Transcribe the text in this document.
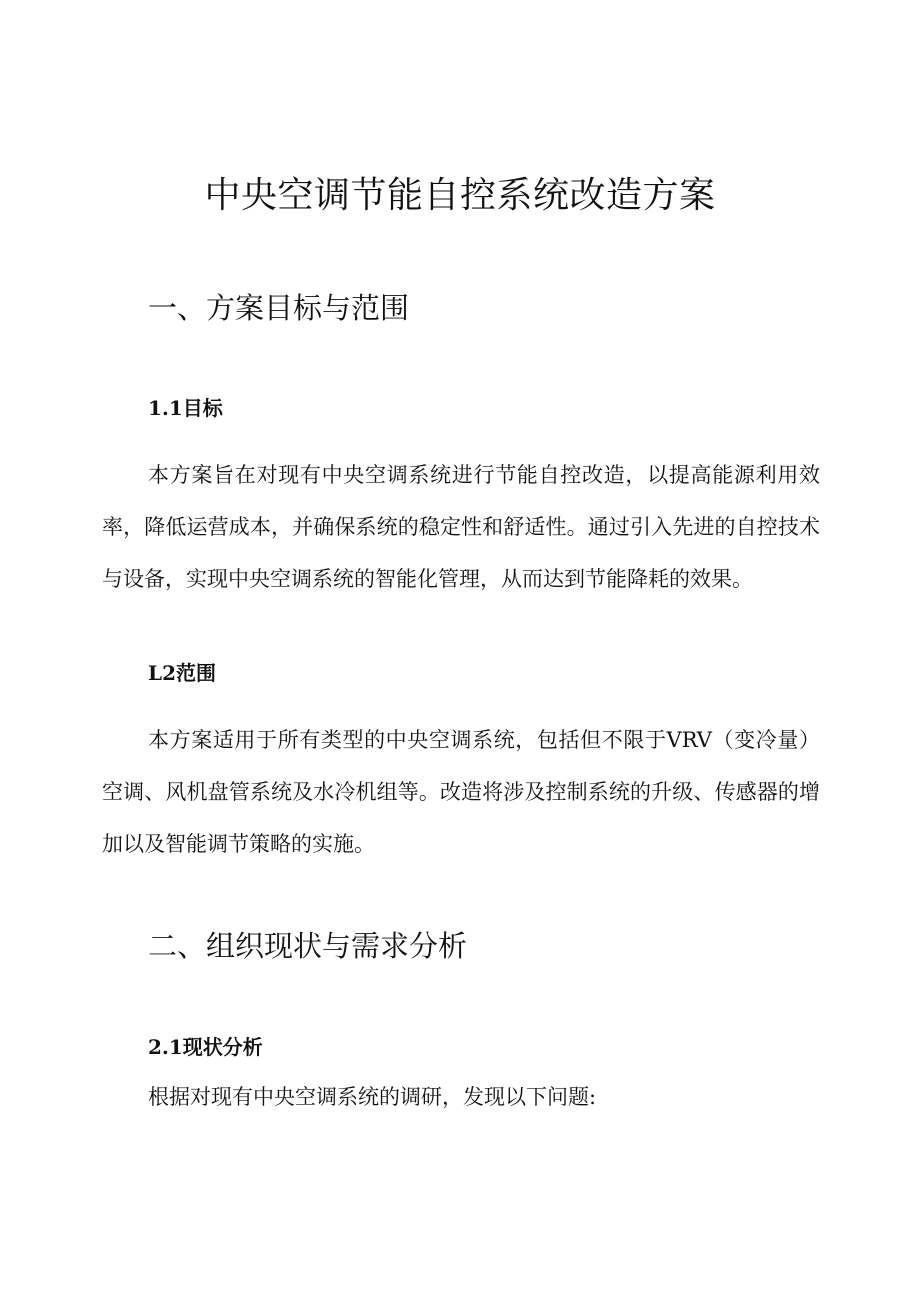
中央空调节能自控系统改造方案
一、方案目标与范围
1.1目标

本方案旨在对现有中央空调系统进行节能自控改造，以提高能源利用效率，降低运营成本，并确保系统的稳定性和舒适性。通过引入先进的自控技术与设备，实现中央空调系统的智能化管理，从而达到节能降耗的效果。

L2范围

本方案适用于所有类型的中央空调系统，包括但不限于VRV（变冷量）空调、风机盘管系统及水冷机组等。改造将涉及控制系统的升级、传感器的增加以及智能调节策略的实施。

二、组织现状与需求分析
2.1现状分析

根据对现有中央空调系统的调研，发现以下问题:
